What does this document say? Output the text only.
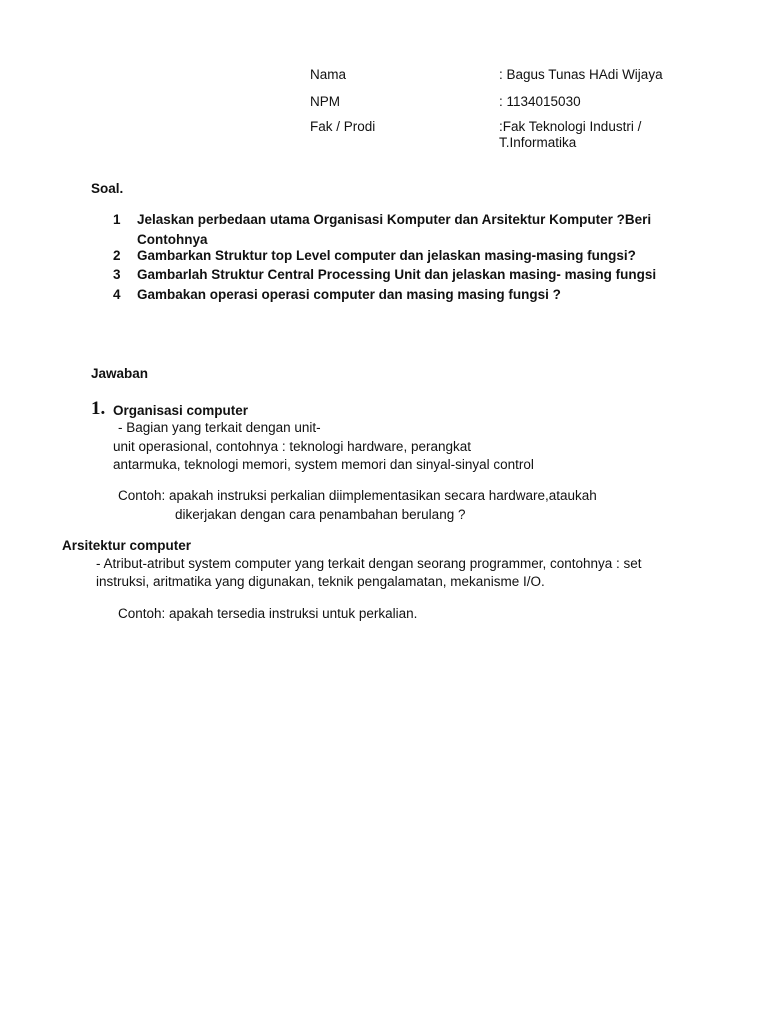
Nama	: Bagus Tunas HAdi Wijaya
NPM	: 1134015030
Fak / Prodi	:Fak Teknologi Industri /
T.Informatika
Soal.
1 Jelaskan perbedaan utama Organisasi Komputer dan Arsitektur Komputer ?Beri
Contohnya
2 Gambarkan Struktur top Level computer dan jelaskan masing-masing fungsi?
3 Gambarlah Struktur Central Processing Unit dan jelaskan masing- masing fungsi
4 Gambakan operasi operasi computer dan masing masing fungsi ?
Jawaban
1. Organisasi computer
- Bagian yang terkait dengan unit-
unit operasional, contohnya : teknologi hardware, perangkat
antarmuka, teknologi memori, system memori dan sinyal-sinyal control
Contoh: apakah instruksi perkalian diimplementasikan secara hardware,ataukah
dikerjakan dengan cara penambahan berulang ?
Arsitektur computer
- Atribut-atribut system computer yang terkait dengan seorang programmer, contohnya : set
instruksi, aritmatika yang digunakan, teknik pengalamatan, mekanisme I/O.
Contoh: apakah tersedia instruksi untuk perkalian.
